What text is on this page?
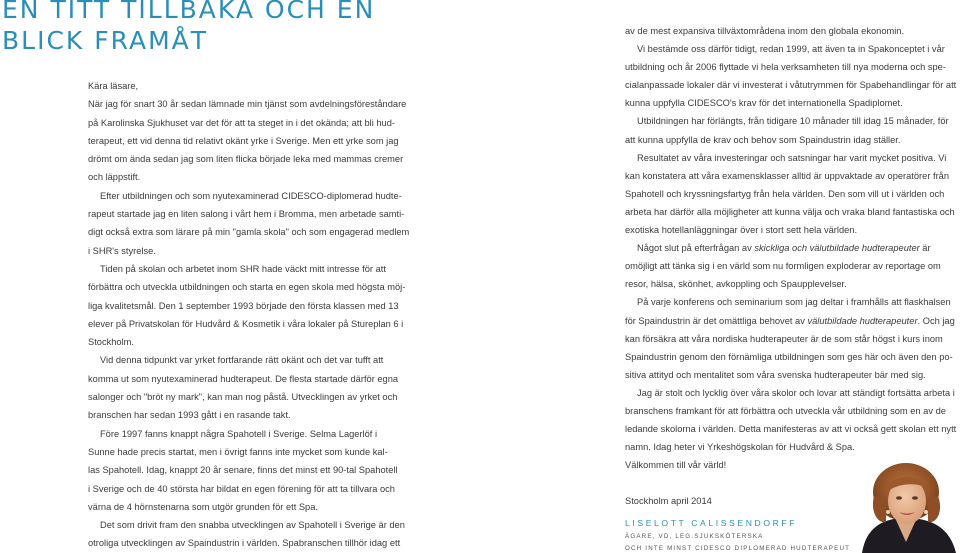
EN TITT TILLBAKA OCH EN
BLICK FRAMÅT
Kära läsare,
När jag för snart 30 år sedan lämnade min tjänst som avdelningsföreståndare
på Karolinska Sjukhuset var det för att ta steget in i det okända; att bli hud-
terapeut, ett vid denna tid relativt okänt yrke i Sverige. Men ett yrke som jag
drömt om ända sedan jag som liten flicka började leka med mammas cremer
och läppstift.
Efter utbildningen och som nyutexaminerad CIDESCO-diplomerad hudte-
rapeut startade jag en liten salong i vårt hem i Bromma, men arbetade samti-
digt också extra som lärare på min "gamla skola" och som engagerad medlem
i SHR's styrelse.
Tiden på skolan och arbetet inom SHR hade väckt mitt intresse för att
förbättra och utveckla utbildningen och starta en egen skola med högsta möj-
liga kvalitetsmål. Den 1 september 1993 började den första klassen med 13
elever på Privatskolan för Hudvård & Kosmetik i våra lokaler på Stureplan 6 i
Stockholm.
Vid denna tidpunkt var yrket fortfarande rätt okänt och det var tufft att
komma ut som nyutexaminerad hudterapeut. De flesta startade därför egna
salonger och "bröt ny mark", kan man nog påstå. Utvecklingen av yrket och
branschen har sedan 1993 gått i en rasande takt.
Före 1997 fanns knappt några Spahotell i Sverige. Selma Lagerlöf i
Sunne hade precis startat, men i övrigt fanns inte mycket som kunde kal-
las Spahotell. Idag, knappt 20 år senare, finns det minst ett 90-tal Spahotell
i Sverige och de 40 största har bildat en egen förening för att ta tillvara och
värna de 4 hörnstenarna som utgör grunden för ett Spa.
Det som drivit fram den snabba utvecklingen av Spahotell i Sverige är den
otroliga utvecklingen av Spaindustrin i världen. Spabranschen tillhör idag ett
av de mest expansiva tillväxtområdena inom den globala ekonomin.
Vi bestämde oss därför tidigt, redan 1999, att även ta in Spakonceptet i vår
utbildning och år 2006 flyttade vi hela verksamheten till nya moderna och spe-
cialanpassade lokaler där vi investerat i våtutrymmen för Spabehandlingar för att
kunna uppfylla CIDESCO's krav för det internationella Spadiplomet.
Utbildningen har förlängts, från tidigare 10 månader till idag 15 månader, för
att kunna uppfylla de krav och behov som Spaindustrin idag ställer.
Resultatet av våra investeringar och satsningar har varit mycket positiva. Vi
kan konstatera att våra examensklasser alltid är uppvaktade av operatörer från
Spahotell och kryssningsfartyg från hela världen. Den som vill ut i världen och
arbeta har därför alla möjligheter att kunna välja och vraka bland fantastiska och
exotiska hotellanläggningar över i stort sett hela världen.
Något slut på efterfrågan av skickliga och välutbildade hudterapeuter är
omöjligt att tänka sig i en värld som nu formligen exploderar av reportage om
resor, hälsa, skönhet, avkoppling och Spaupplevelser.
På varje konferens och seminarium som jag deltar i framhålls att flaskhalsen
för Spaindustrin är det omättliga behovet av välutbildade hudterapeuter. Och jag
kan försäkra att våra nordiska hudterapeuter är de som står högst i kurs inom
Spaindustrin genom den förnämliga utbildningen som ges här och även den po-
sitiva attityd och mentalitet som våra svenska hudterapeuter bär med sig.
Jag är stolt och lycklig över våra skolor och lovar att ständigt fortsätta arbeta i
branschens framkant för att förbättra och utveckla vår utbildning som en av de
ledande skolorna i världen. Detta manifesteras av att vi också gett skolan ett nytt
namn. Idag heter vi Yrkeshögskolan för Hudvård & Spa.
Välkommen till vår värld!
Stockholm april 2014
LISELOTT CALISSENDORFF
ÄGARE, VD, LEG.SJUKSKÖTERSKA
OCH INTE MINST CIDESCO DIPLOMERAD HUDTERAPEUT
